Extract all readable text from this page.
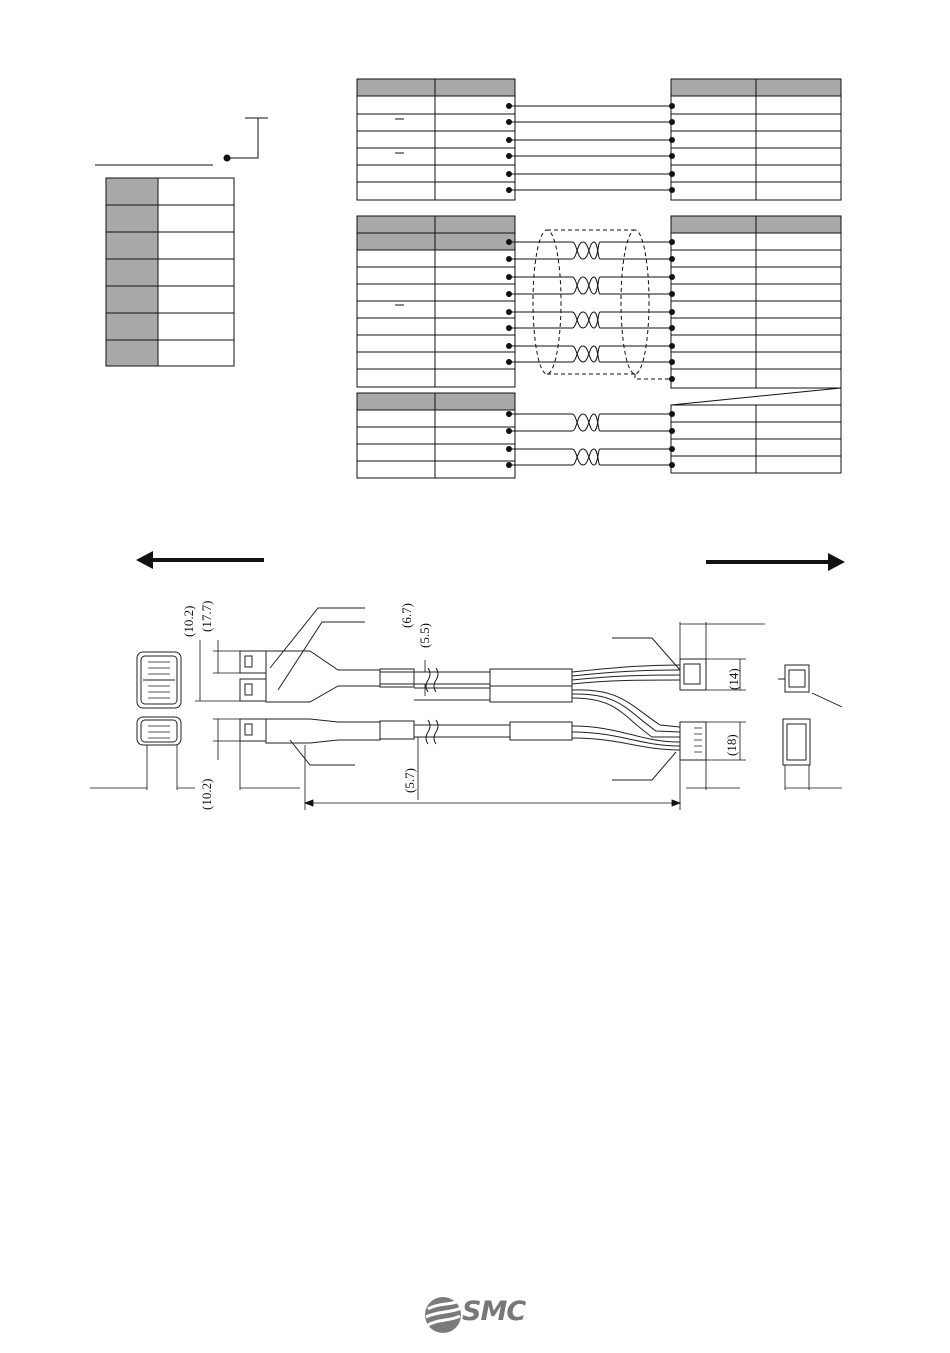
(10.2) (17.7)
(10.2)
(6.7)
(5.5)
(5.7)
(14)
(18)
SMC
